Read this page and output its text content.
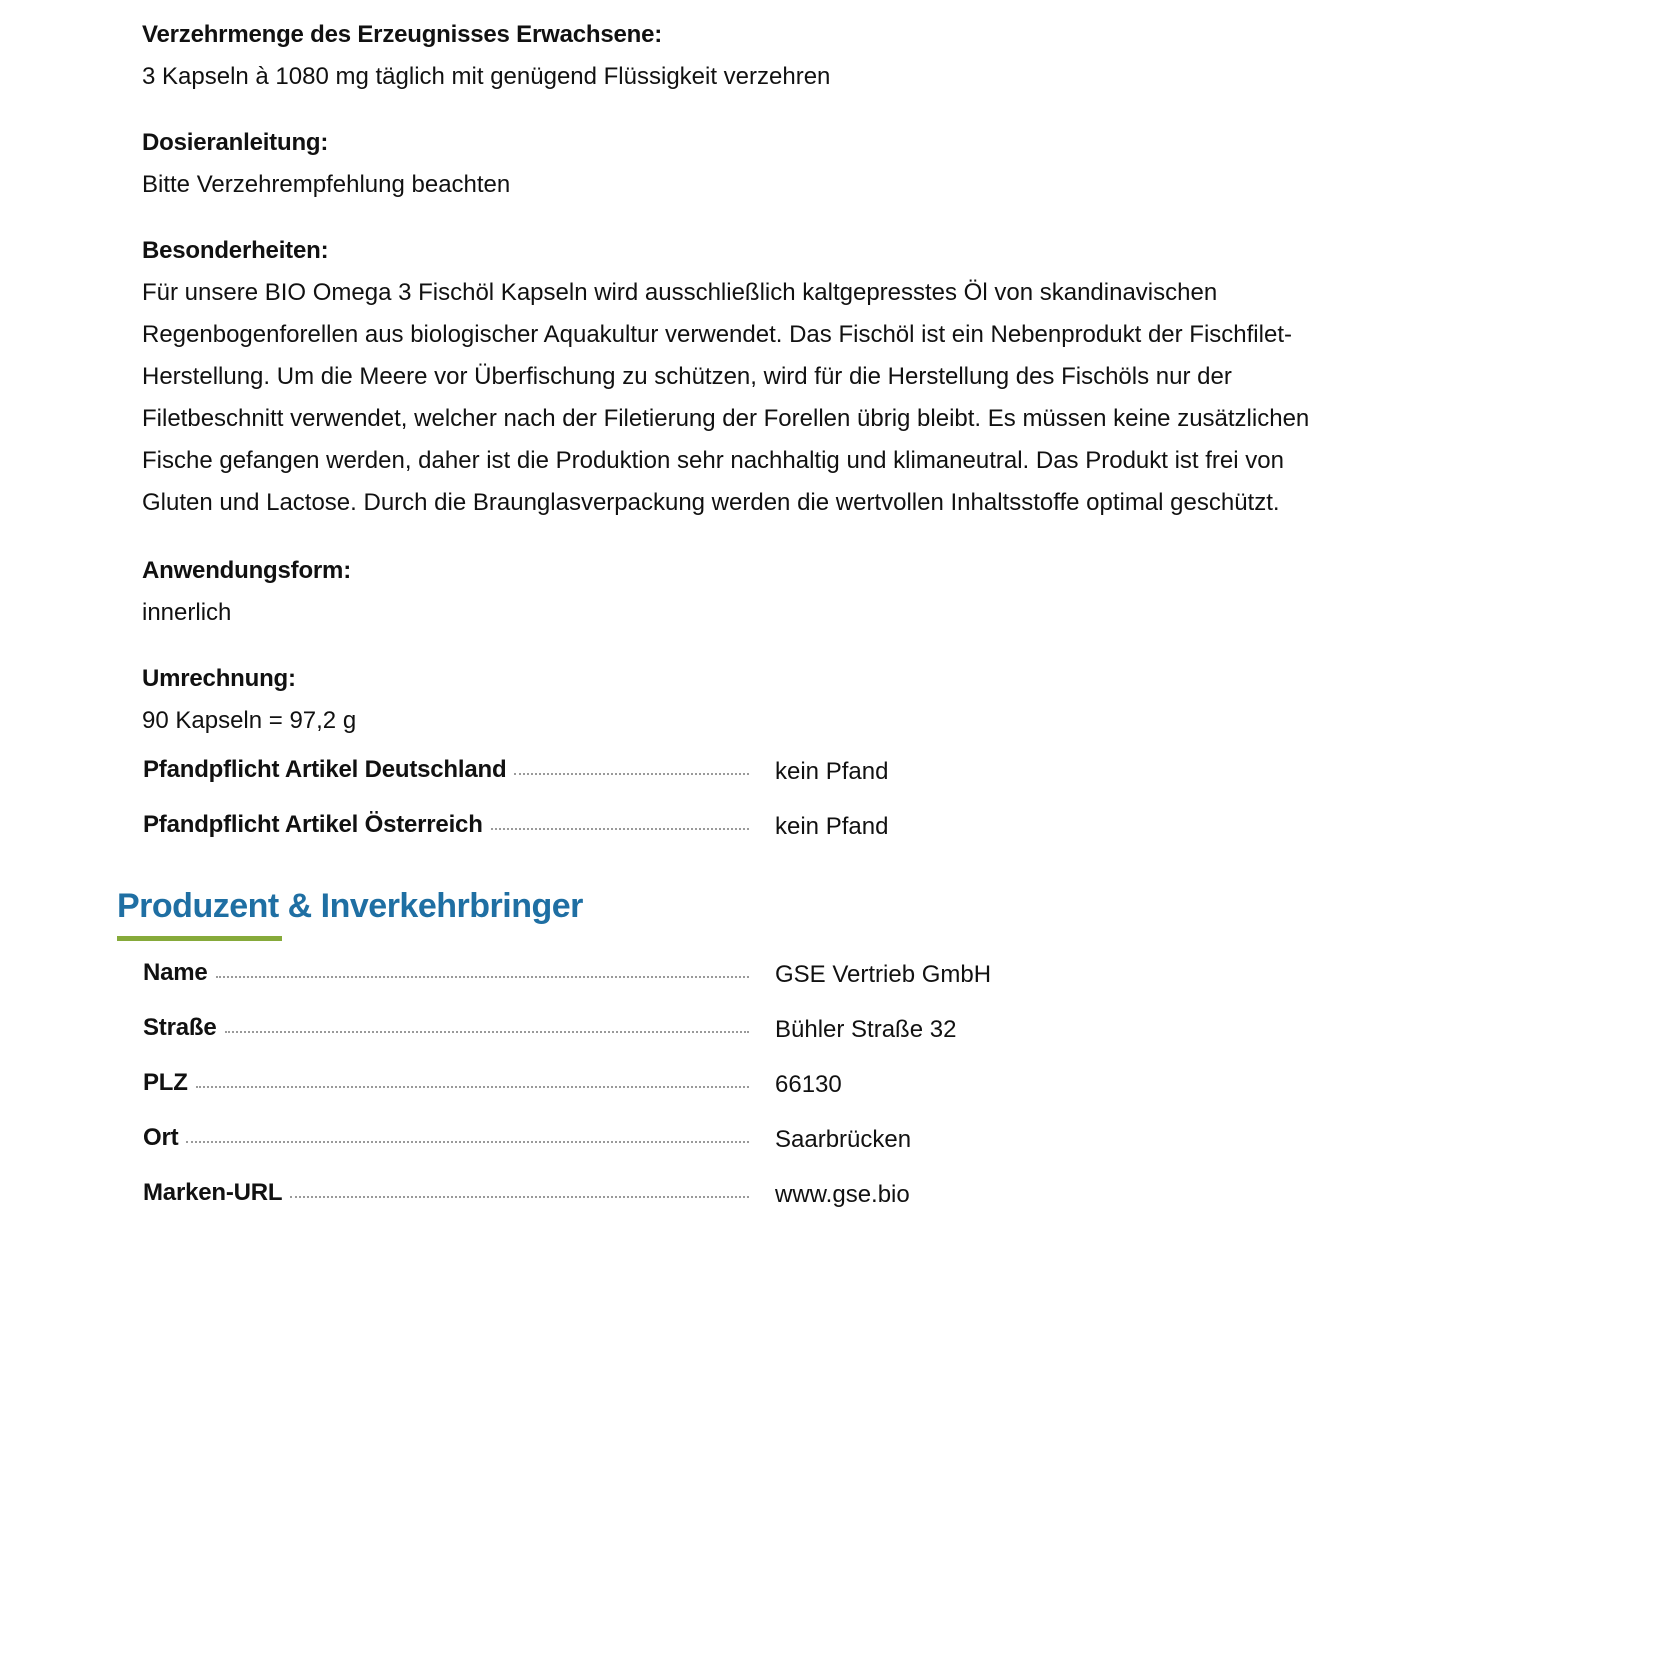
Verzehrmenge des Erzeugnisses Erwachsene:
3 Kapseln à 1080 mg täglich mit genügend Flüssigkeit verzehren
Dosieranleitung:
Bitte Verzehrempfehlung beachten
Besonderheiten:
Für unsere BIO Omega 3 Fischöl Kapseln wird ausschließlich kaltgepresstes Öl von skandinavischen
Regenbogenforellen aus biologischer Aquakultur verwendet. Das Fischöl ist ein Nebenprodukt der Fischfilet-
Herstellung. Um die Meere vor Überfischung zu schützen, wird für die Herstellung des Fischöls nur der
Filetbeschnitt verwendet, welcher nach der Filetierung der Forellen übrig bleibt. Es müssen keine zusätzlichen
Fische gefangen werden, daher ist die Produktion sehr nachhaltig und klimaneutral. Das Produkt ist frei von
Gluten und Lactose. Durch die Braunglasverpackung werden die wertvollen Inhaltsstoffe optimal geschützt.
Anwendungsform:
innerlich
Umrechnung:
90 Kapseln = 97,2 g
Pfandpflicht Artikel Deutschland	kein Pfand
Pfandpflicht Artikel Österreich	kein Pfand
Produzent & Inverkehrbringer
Name	GSE Vertrieb GmbH
Straße	Bühler Straße 32
PLZ	66130
Ort	Saarbrücken
Marken-URL	www.gse.bio
